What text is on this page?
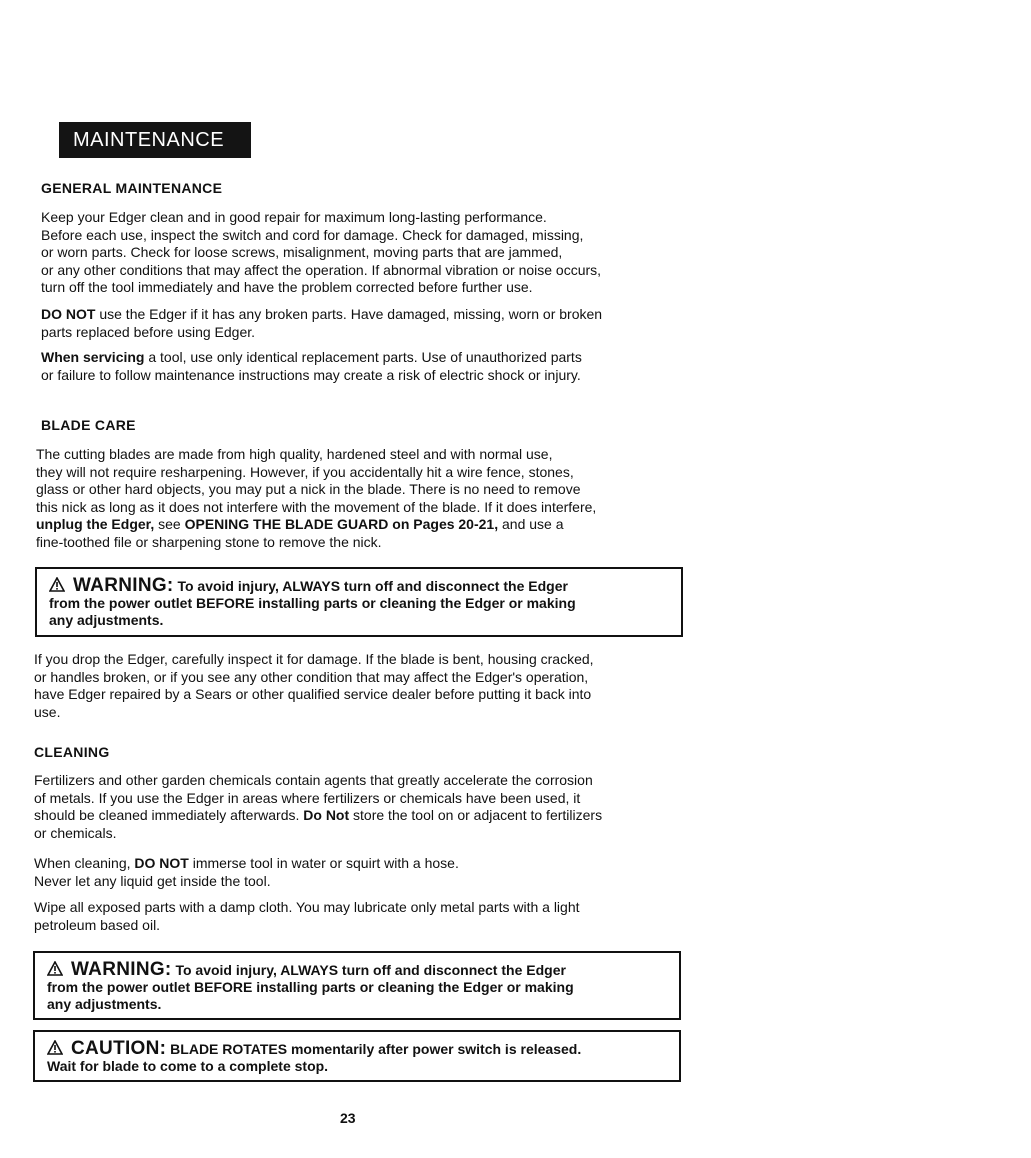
MAINTENANCE
GENERAL MAINTENANCE
Keep your Edger clean and in good repair for maximum long-lasting performance.
Before each use, inspect the switch and cord for damage. Check for damaged, missing,
or worn parts. Check for loose screws, misalignment, moving parts that are jammed,
or any other conditions that may affect the operation. If abnormal vibration or noise occurs,
turn off the tool immediately and have the problem corrected before further use.
DO NOT use the Edger if it has any broken parts. Have damaged, missing, worn or broken
parts replaced before using Edger.
When servicing a tool, use only identical replacement parts. Use of unauthorized parts
or failure to follow maintenance instructions may create a risk of electric shock or injury.
BLADE CARE
The cutting blades are made from high quality, hardened steel and with normal use,
they will not require resharpening. However, if you accidentally hit a wire fence, stones,
glass or other hard objects, you may put a nick in the blade. There is no need to remove
this nick as long as it does not interfere with the movement of the blade. If it does interfere,
unplug the Edger, see OPENING THE BLADE GUARD on Pages 20-21, and use a
fine-toothed file or sharpening stone to remove the nick.
WARNING: To avoid injury, ALWAYS turn off and disconnect the Edger
from the power outlet BEFORE installing parts or cleaning the Edger or making
any adjustments.
If you drop the Edger, carefully inspect it for damage. If the blade is bent, housing cracked,
or handles broken, or if you see any other condition that may affect the Edger's operation,
have Edger repaired by a Sears or other qualified service dealer before putting it back into
use.
CLEANING
Fertilizers and other garden chemicals contain agents that greatly accelerate the corrosion
of metals. If you use the Edger in areas where fertilizers or chemicals have been used, it
should be cleaned immediately afterwards. Do Not store the tool on or adjacent to fertilizers
or chemicals.
When cleaning, DO NOT immerse tool in water or squirt with a hose.
Never let any liquid get inside the tool.
Wipe all exposed parts with a damp cloth. You may lubricate only metal parts with a light
petroleum based oil.
WARNING: To avoid injury, ALWAYS turn off and disconnect the Edger
from the power outlet BEFORE installing parts or cleaning the Edger or making
any adjustments.
CAUTION: BLADE ROTATES momentarily after power switch is released.
Wait for blade to come to a complete stop.
23
